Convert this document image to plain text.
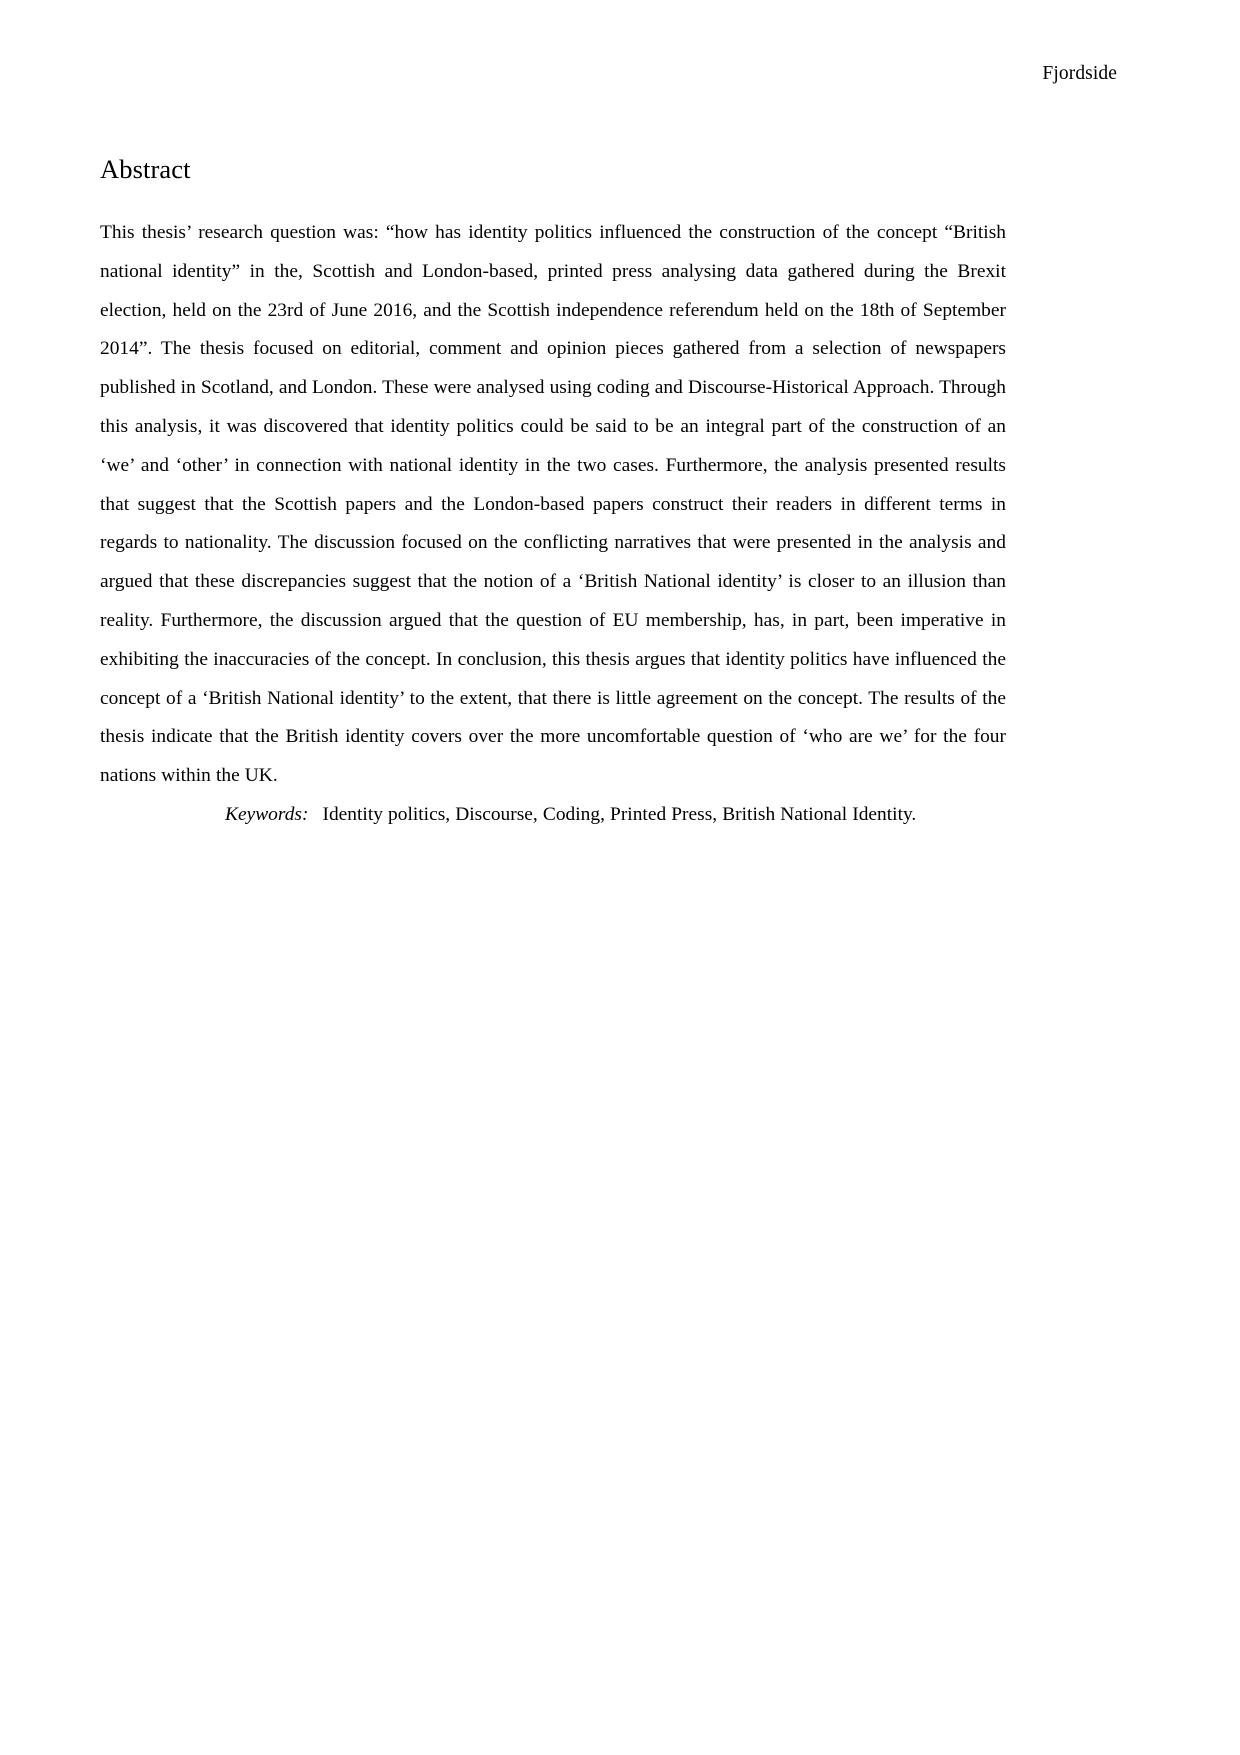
Fjordside
Abstract

This thesis’ research question was: “how has identity politics influenced the construction of the concept “British national identity” in the, Scottish and London-based, printed press analysing data gathered during the Brexit election, held on the 23rd of June 2016, and the Scottish independence referendum held on the 18th of September 2014”. The thesis focused on editorial, comment and opinion pieces gathered from a selection of newspapers published in Scotland, and London. These were analysed using coding and Discourse-Historical Approach. Through this analysis, it was discovered that identity politics could be said to be an integral part of the construction of an ‘we’ and ‘other’ in connection with national identity in the two cases. Furthermore, the analysis presented results that suggest that the Scottish papers and the London-based papers construct their readers in different terms in regards to nationality. The discussion focused on the conflicting narratives that were presented in the analysis and argued that these discrepancies suggest that the notion of a ‘British National identity’ is closer to an illusion than reality. Furthermore, the discussion argued that the question of EU membership, has, in part, been imperative in exhibiting the inaccuracies of the concept. In conclusion, this thesis argues that identity politics have influenced the concept of a ‘British National identity’ to the extent, that there is little agreement on the concept. The results of the thesis indicate that the British identity covers over the more uncomfortable question of ‘who are we’ for the four nations within the UK.

Keywords: Identity politics, Discourse, Coding, Printed Press, British National Identity.
